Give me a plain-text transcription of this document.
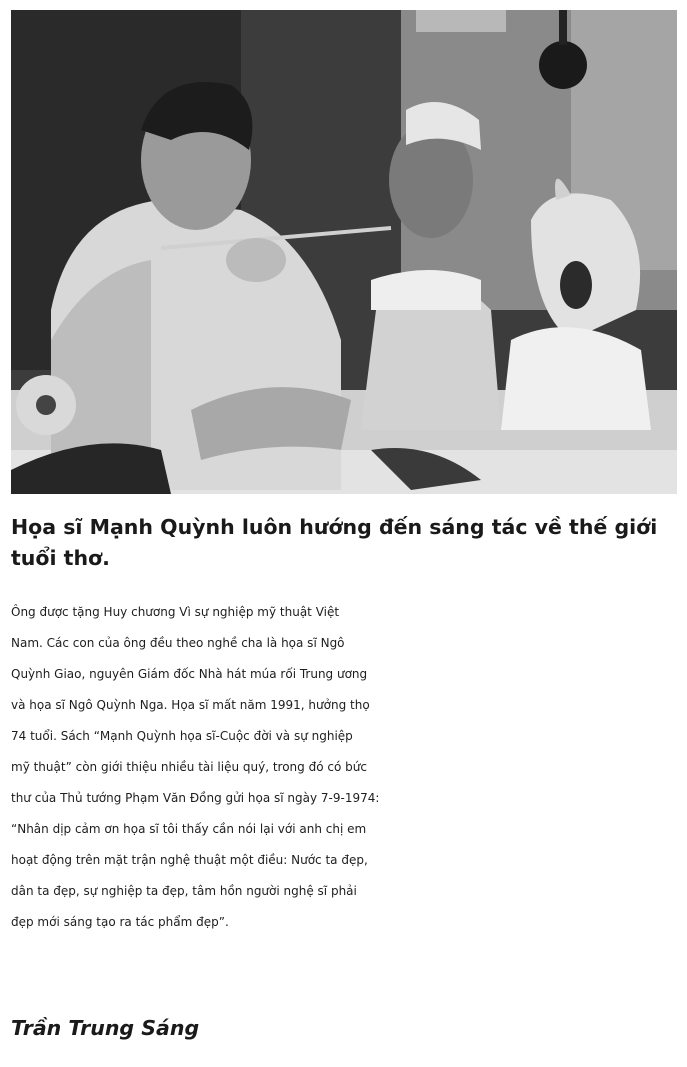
Họa sĩ Mạnh Quỳnh luôn hướng đến sáng tác về thế giới
tuổi thơ.

Ông được tặng Huy chương Vì sự nghiệp mỹ thuật Việt
Nam. Các con của ông đều theo nghề cha là họa sĩ Ngô
Quỳnh Giao, nguyên Giám đốc Nhà hát múa rối Trung ương
và họa sĩ Ngô Quỳnh Nga. Họa sĩ mất năm 1991, hưởng thọ
74 tuổi. Sách “Mạnh Quỳnh họa sĩ-Cuộc đời và sự nghiệp
mỹ thuật” còn giới thiệu nhiều tài liệu quý, trong đó có bức
thư của Thủ tướng Phạm Văn Đồng gửi họa sĩ ngày 7-9-1974:
“Nhân dịp cảm ơn họa sĩ tôi thấy cần nói lại với anh chị em
hoạt động trên mặt trận nghệ thuật một điều: Nước ta đẹp,
dân ta đẹp, sự nghiệp ta đẹp, tâm hồn người nghệ sĩ phải
đẹp mới sáng tạo ra tác phẩm đẹp”.

Trần Trung Sáng
